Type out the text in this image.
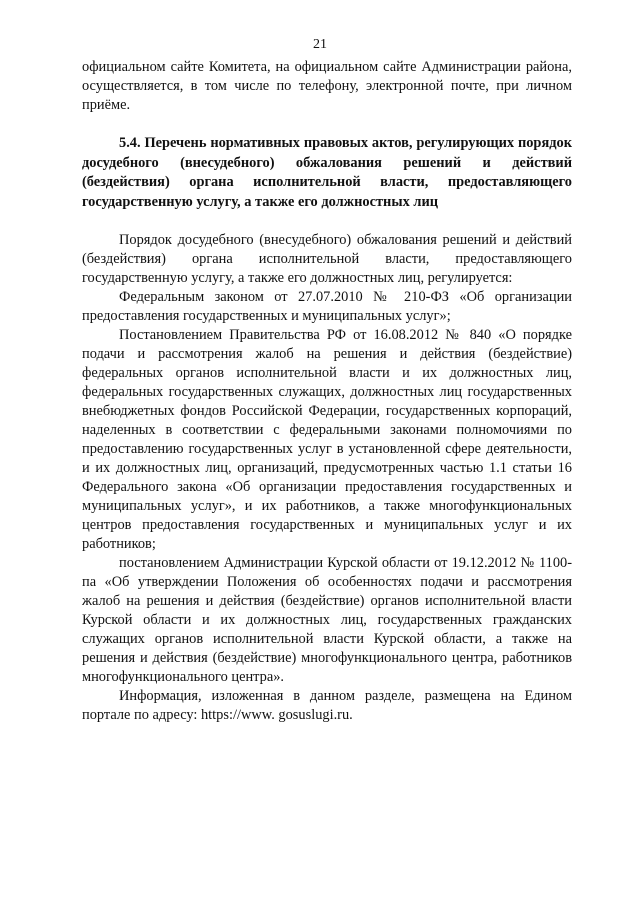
21

официальном сайте Комитета, на официальном сайте Администрации района, осуществляется, в том числе по телефону, электронной почте, при личном приёме.

5.4. Перечень нормативных правовых актов, регулирующих порядок досудебного (внесудебного) обжалования решений и действий (бездействия) органа исполнительной власти, предоставляющего государственную услугу, а также его должностных лиц

Порядок досудебного (внесудебного) обжалования решений и действий (бездействия) органа исполнительной власти, предоставляющего государственную услугу, а также его должностных лиц, регулируется:

Федеральным законом от 27.07.2010 № 210-ФЗ «Об организации предоставления государственных и муниципальных услуг»;

Постановлением Правительства РФ от 16.08.2012 № 840 «О порядке подачи и рассмотрения жалоб на решения и действия (бездействие) федеральных органов исполнительной власти и их должностных лиц, федеральных государственных служащих, должностных лиц государственных внебюджетных фондов Российской Федерации, государственных корпораций, наделенных в соответствии с федеральными законами полномочиями по предоставлению государственных услуг в установленной сфере деятельности, и их должностных лиц, организаций, предусмотренных частью 1.1 статьи 16 Федерального закона «Об организации предоставления государственных и муниципальных услуг», и их работников, а также многофункциональных центров предоставления государственных и муниципальных услуг и их работников;

постановлением Администрации Курской области от 19.12.2012 № 1100-па «Об утверждении Положения об особенностях подачи и рассмотрения жалоб на решения и действия (бездействие) органов исполнительной власти Курской области и их должностных лиц, государственных гражданских служащих органов исполнительной власти Курской области, а также на решения и действия (бездействие) многофункционального центра, работников многофункционального центра».

Информация, изложенная в данном разделе, размещена на Едином портале по адресу: https://www. gosuslugi.ru.
